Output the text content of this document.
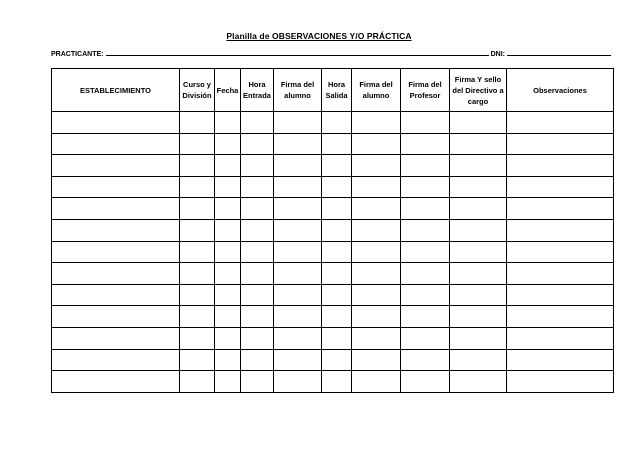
Planilla de OBSERVACIONES Y/O PRÁCTICA
PRACTICANTE:	DNI:
ESTABLECIMIENTO	Curso y División	Fecha	Hora Entrada	Firma del alumno	Hora Salida	Firma del alumno	Firma del Profesor	Firma Y sello del Directivo a cargo	Observaciones
